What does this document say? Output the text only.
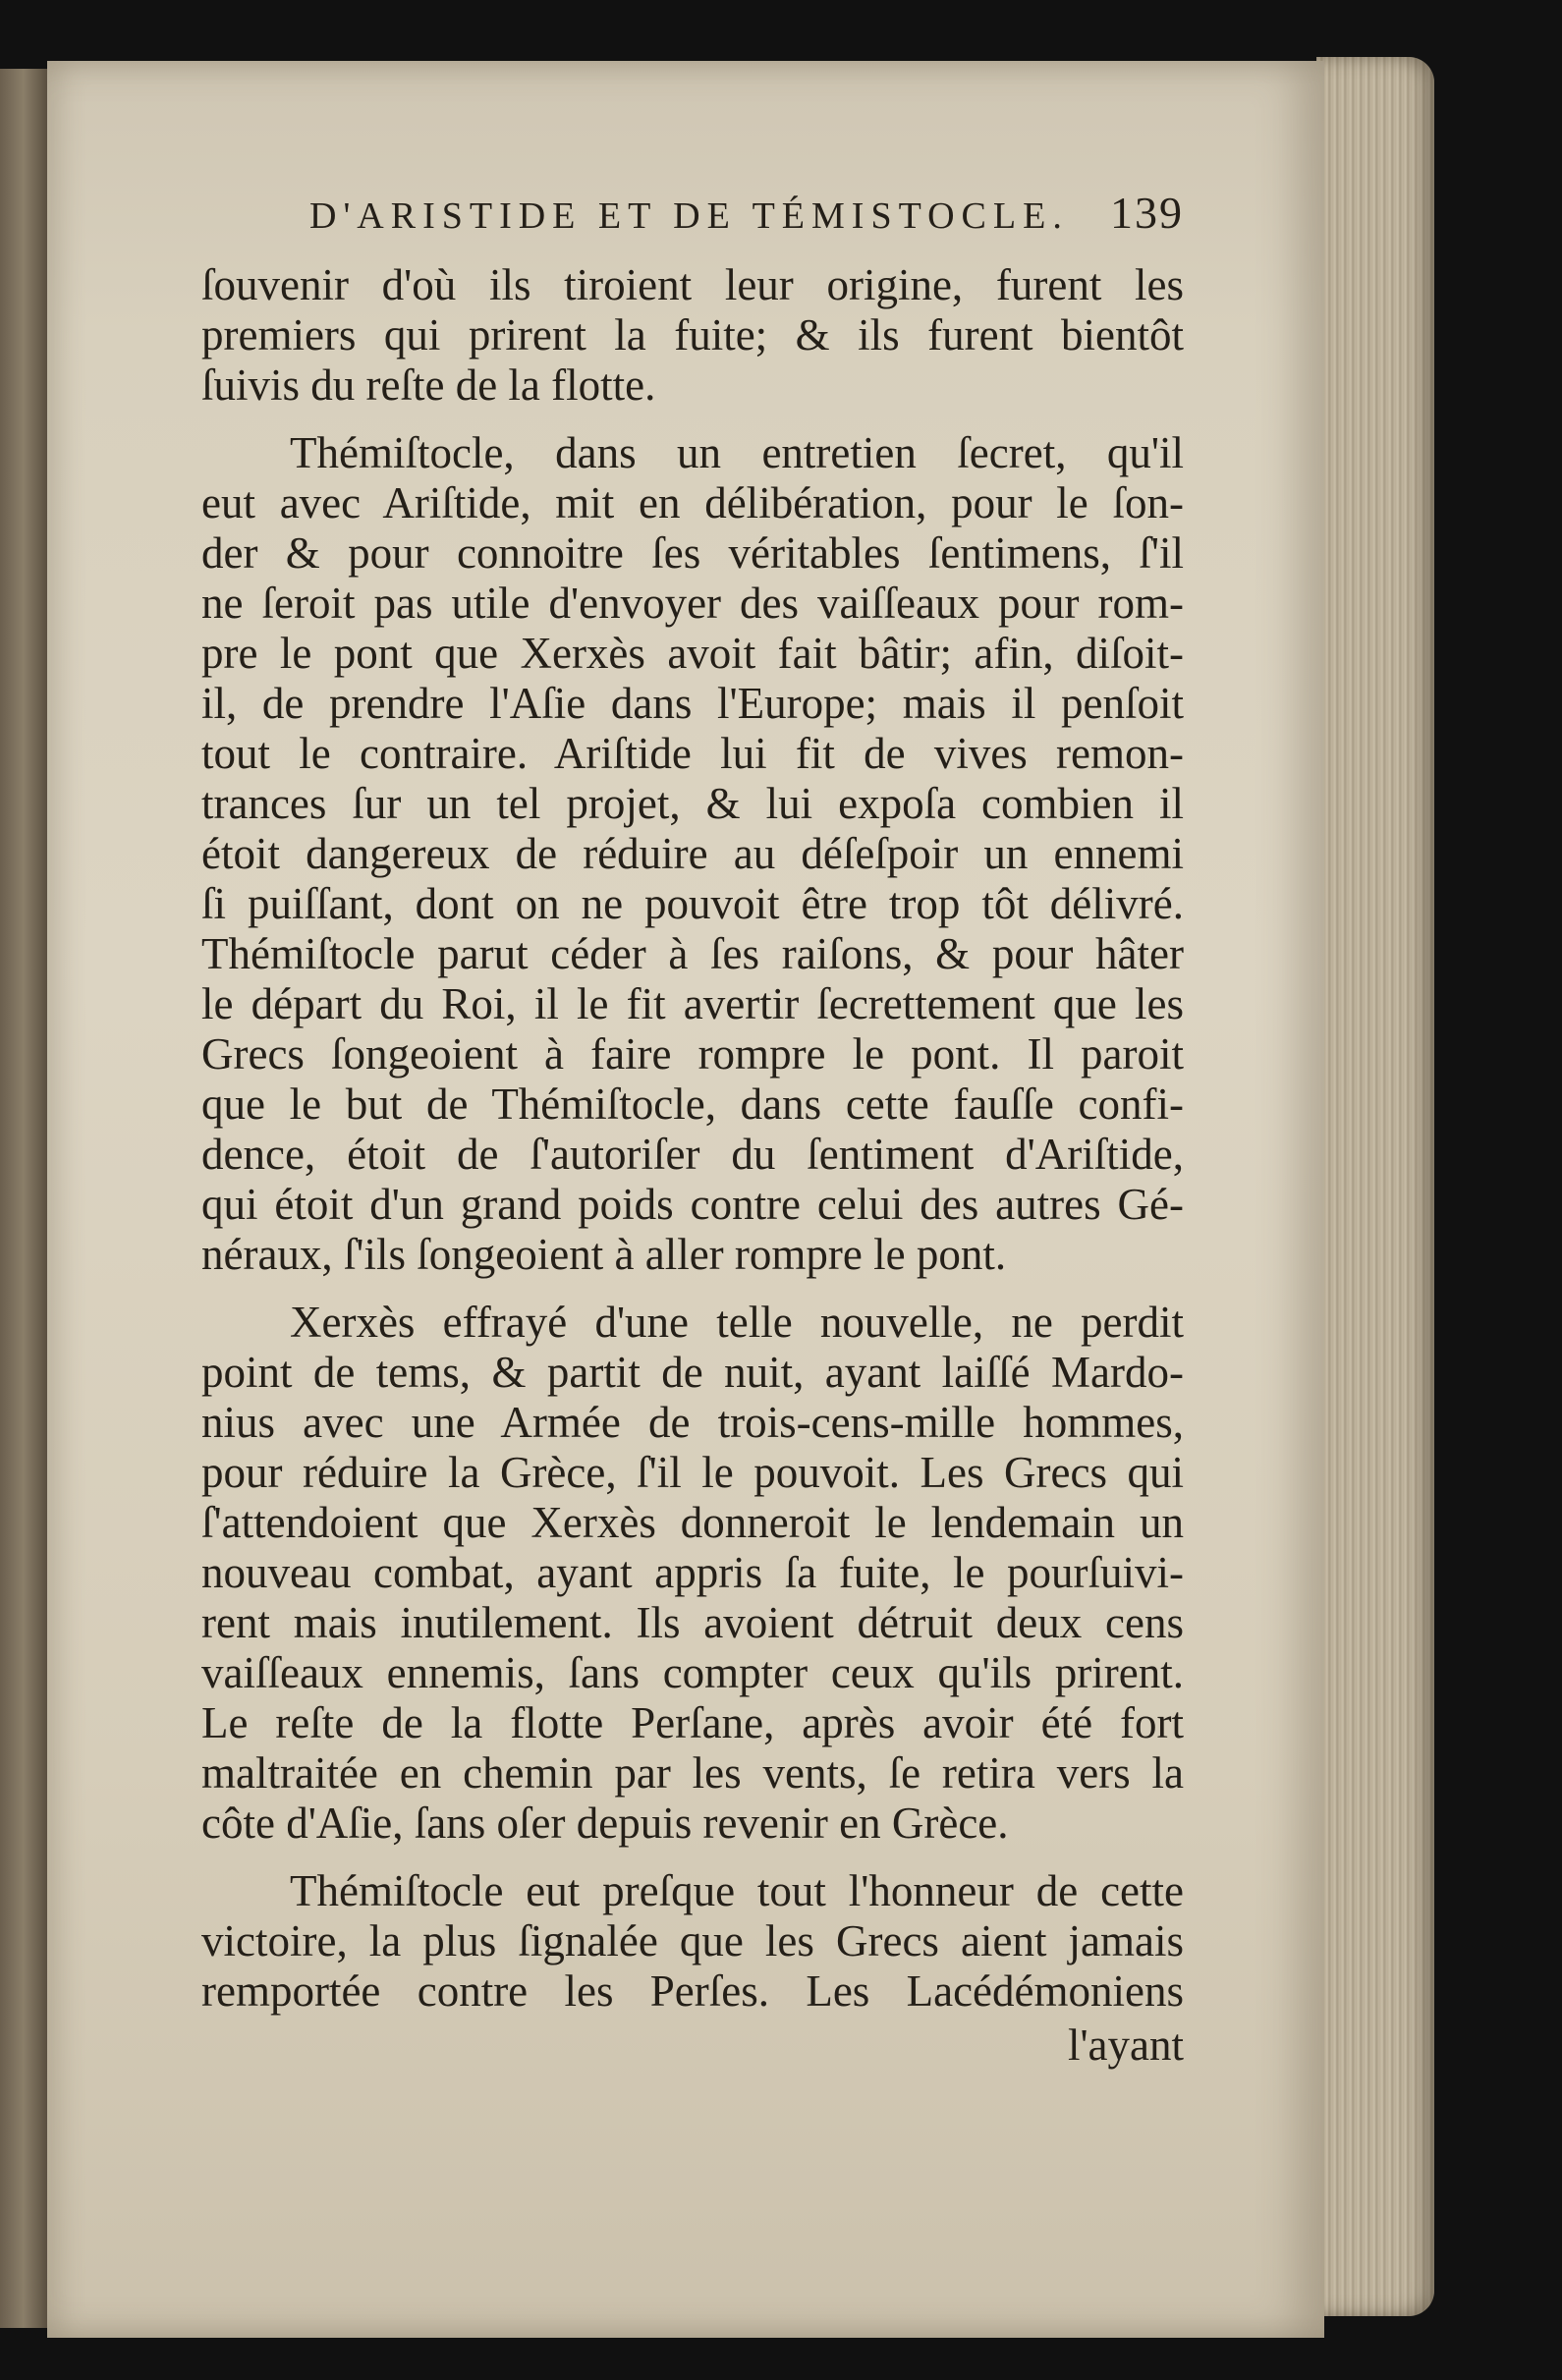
D'ARISTIDE ET DE TÉMISTOCLE. 139

ſouvenir d'où ils tiroient leur origine, furent les
premiers qui prirent la fuite; & ils furent bientôt
ſuivis du reſte de la flotte.

Thémiſtocle, dans un entretien ſecret, qu'il
eut avec Ariſtide, mit en délibération, pour le ſon-
der & pour connoitre ſes véritables ſentimens, ſ'il
ne ſeroit pas utile d'envoyer des vaiſſeaux pour rom-
pre le pont que Xerxès avoit fait bâtir; afin, diſoit-
il, de prendre l'Aſie dans l'Europe; mais il penſoit
tout le contraire. Ariſtide lui fit de vives remon-
trances ſur un tel projet, & lui expoſa combien il
étoit dangereux de réduire au déſeſpoir un ennemi
ſi puiſſant, dont on ne pouvoit être trop tôt délivré.
Thémiſtocle parut céder à ſes raiſons, & pour hâter
le départ du Roi, il le fit avertir ſecrettement que les
Grecs ſongeoient à faire rompre le pont. Il paroit
que le but de Thémiſtocle, dans cette fauſſe confi-
dence, étoit de ſ'autoriſer du ſentiment d'Ariſtide,
qui étoit d'un grand poids contre celui des autres Gé-
néraux, ſ'ils ſongeoient à aller rompre le pont.

Xerxès effrayé d'une telle nouvelle, ne perdit
point de tems, & partit de nuit, ayant laiſſé Mardo-
nius avec une Armée de trois-cens-mille hommes,
pour réduire la Grèce, ſ'il le pouvoit. Les Grecs qui
ſ'attendoient que Xerxès donneroit le lendemain un
nouveau combat, ayant appris ſa fuite, le pourſuivi-
rent mais inutilement. Ils avoient détruit deux cens
vaiſſeaux ennemis, ſans compter ceux qu'ils prirent.
Le reſte de la flotte Perſane, après avoir été fort
maltraitée en chemin par les vents, ſe retira vers la
côte d'Aſie, ſans oſer depuis revenir en Grèce.

Thémiſtocle eut preſque tout l'honneur de cette
victoire, la plus ſignalée que les Grecs aient jamais
remportée contre les Perſes. Les Lacédémoniens

l'ayant
